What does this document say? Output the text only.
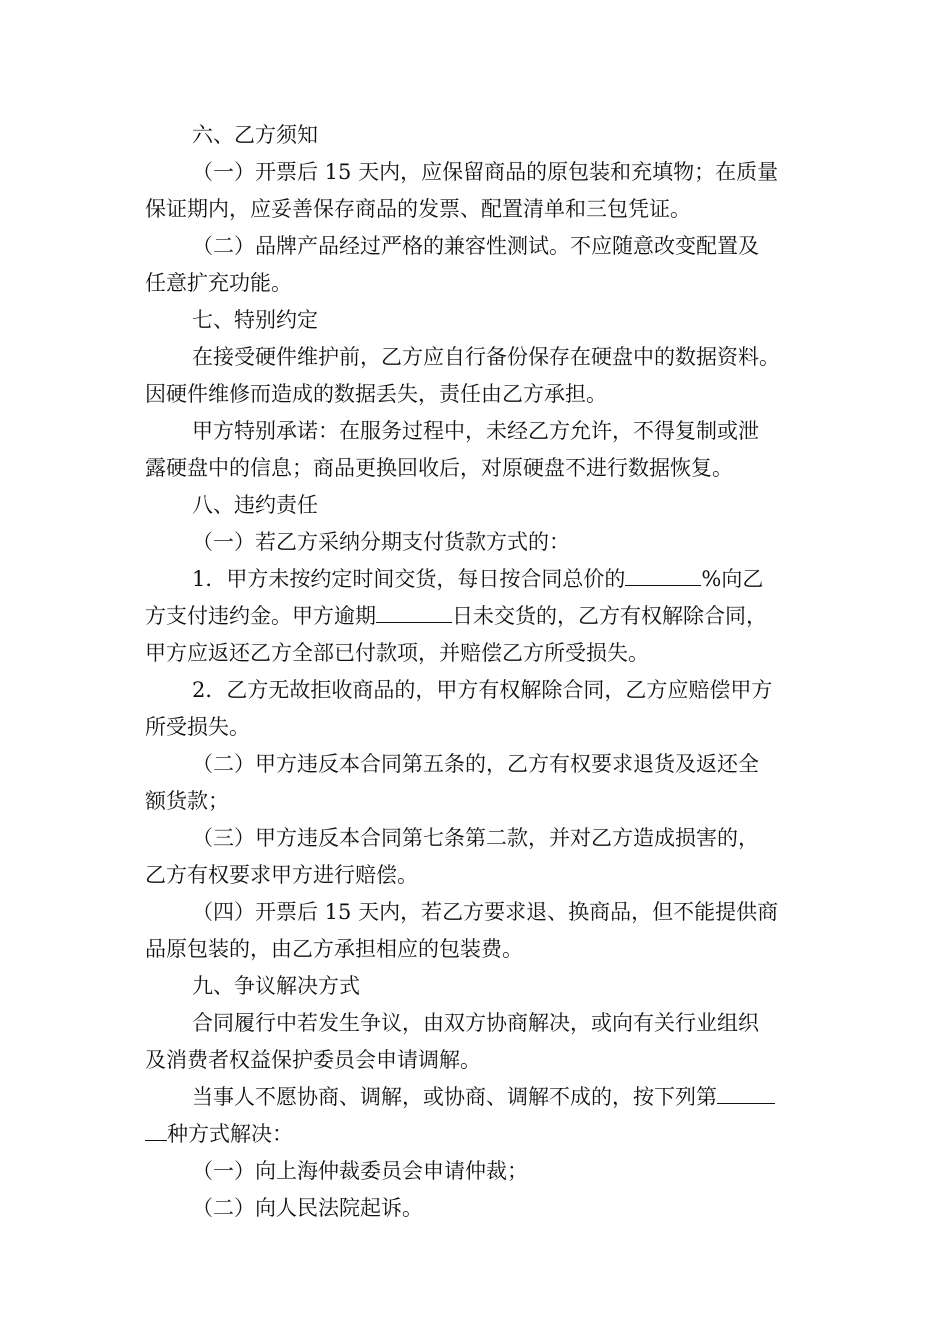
六、乙方须知
（一）开票后 15 天内，应保留商品的原包装和充填物；在质量
保证期内，应妥善保存商品的发票、配置清单和三包凭证。
（二）品牌产品经过严格的兼容性测试。不应随意改变配置及
任意扩充功能。
七、特别约定
在接受硬件维护前，乙方应自行备份保存在硬盘中的数据资料。
因硬件维修而造成的数据丢失，责任由乙方承担。
甲方特别承诺：在服务过程中，未经乙方允许，不得复制或泄
露硬盘中的信息；商品更换回收后，对原硬盘不进行数据恢复。
八、违约责任
（一）若乙方采纳分期支付货款方式的：
1．甲方未按约定时间交货，每日按合同总价的	%向乙
方支付违约金。甲方逾期	日未交货的，乙方有权解除合同，
甲方应返还乙方全部已付款项，并赔偿乙方所受损失。
2．乙方无故拒收商品的，甲方有权解除合同，乙方应赔偿甲方
所受损失。
（二）甲方违反本合同第五条的，乙方有权要求退货及返还全
额货款；
（三）甲方违反本合同第七条第二款，并对乙方造成损害的，
乙方有权要求甲方进行赔偿。
（四）开票后 15 天内，若乙方要求退、换商品，但不能提供商
品原包装的，由乙方承担相应的包装费。
九、争议解决方式
合同履行中若发生争议，由双方协商解决，或向有关行业组织
及消费者权益保护委员会申请调解。
当事人不愿协商、调解，或协商、调解不成的，按下列第
种方式解决：
（一）向上海仲裁委员会申请仲裁；
（二）向人民法院起诉。
